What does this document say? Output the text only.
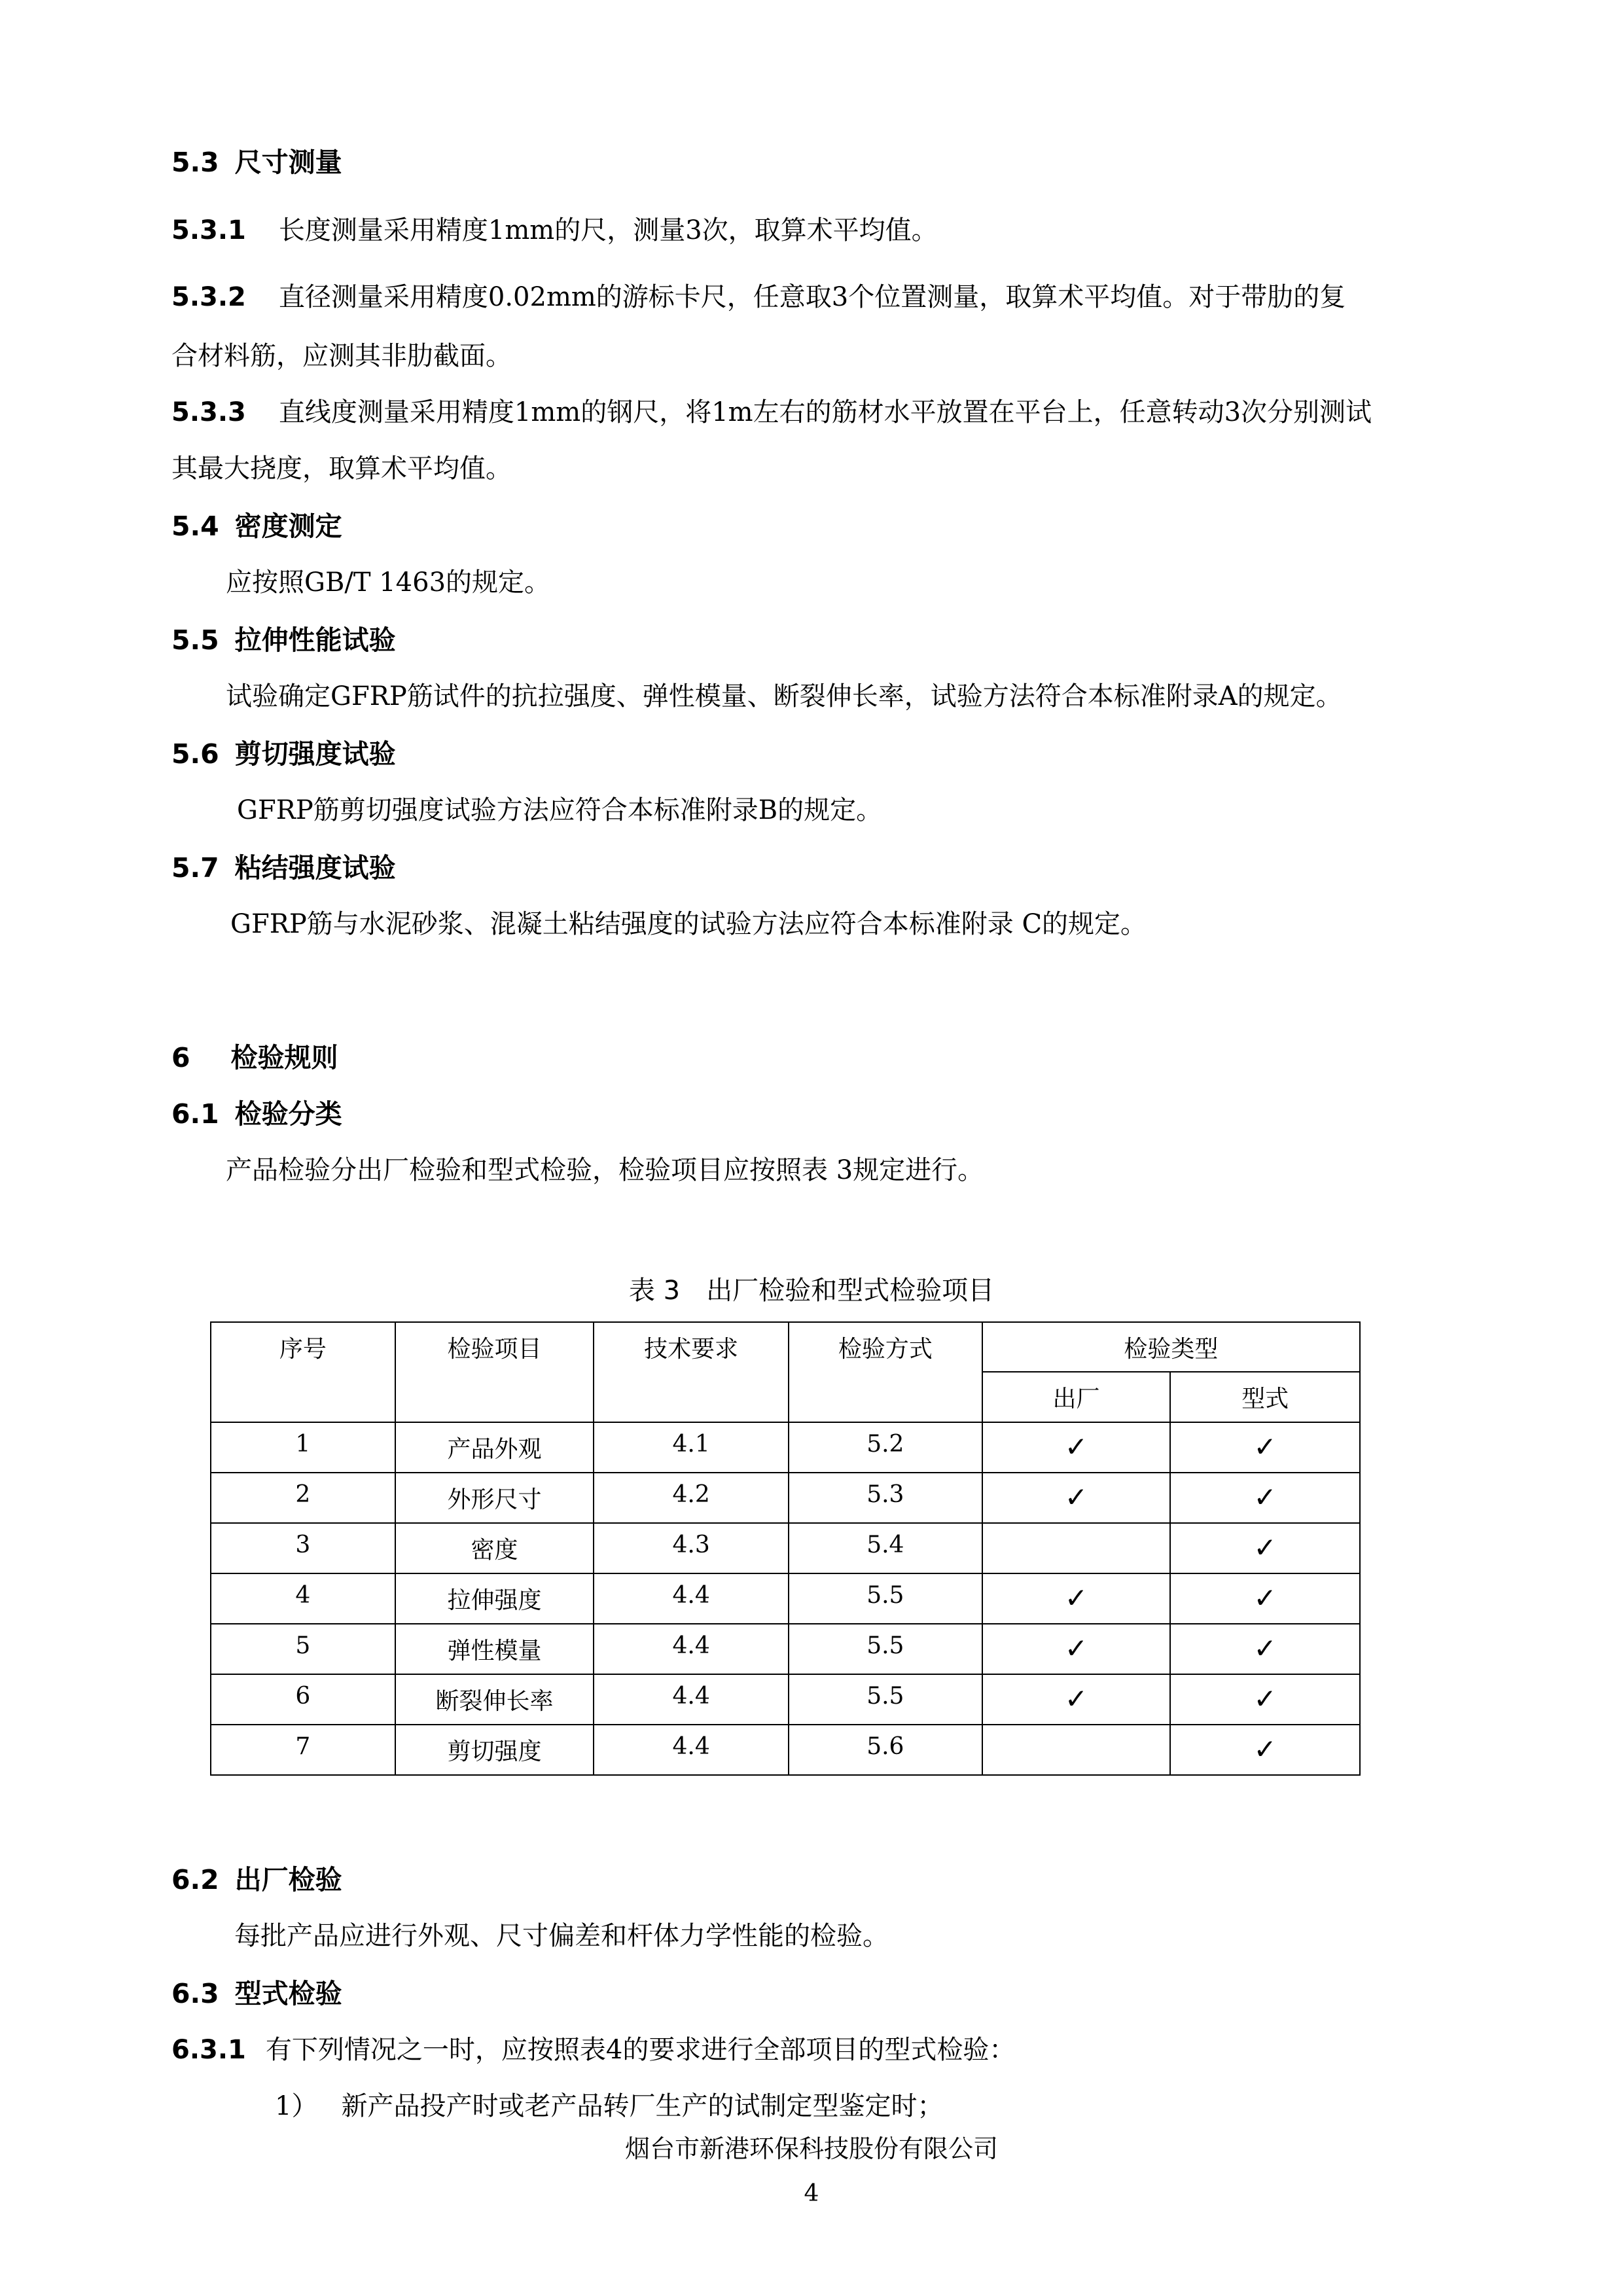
5.3 尺寸测量
5.3.1 长度测量采用精度1mm的尺，测量3次，取算术平均值。
5.3.2 直径测量采用精度0.02mm的游标卡尺，任意取3个位置测量，取算术平均值。对于带肋的复
合材料筋，应测其非肋截面。
5.3.3 直线度测量采用精度1mm的钢尺，将1m左右的筋材水平放置在平台上，任意转动3次分别测试
其最大挠度，取算术平均值。
5.4 密度测定
应按照GB/T 1463的规定。
5.5 拉伸性能试验
试验确定GFRP筋试件的抗拉强度、弹性模量、断裂伸长率，试验方法符合本标准附录A的规定。
5.6 剪切强度试验
GFRP筋剪切强度试验方法应符合本标准附录B的规定。
5.7 粘结强度试验
GFRP筋与水泥砂浆、混凝土粘结强度的试验方法应符合本标准附录 C的规定。
6 检验规则
6.1 检验分类
产品检验分出厂检验和型式检验，检验项目应按照表 3规定进行。
表 3　出厂检验和型式检验项目
序号	检验项目	技术要求	检验方式	检验类型	
				出厂	型式
1	产品外观	4.1	5.2	✓	✓
2	外形尺寸	4.2	5.3	✓	✓
3	密度	4.3	5.4		✓
4	拉伸强度	4.4	5.5	✓	✓
5	弹性模量	4.4	5.5	✓	✓
6	断裂伸长率	4.4	5.5	✓	✓
7	剪切强度	4.4	5.6		✓
6.2 出厂检验
每批产品应进行外观、尺寸偏差和杆体力学性能的检验。
6.3 型式检验
6.3.1 有下列情况之一时，应按照表4的要求进行全部项目的型式检验：
1） 新产品投产时或老产品转厂生产的试制定型鉴定时；
烟台市新港环保科技股份有限公司
4
